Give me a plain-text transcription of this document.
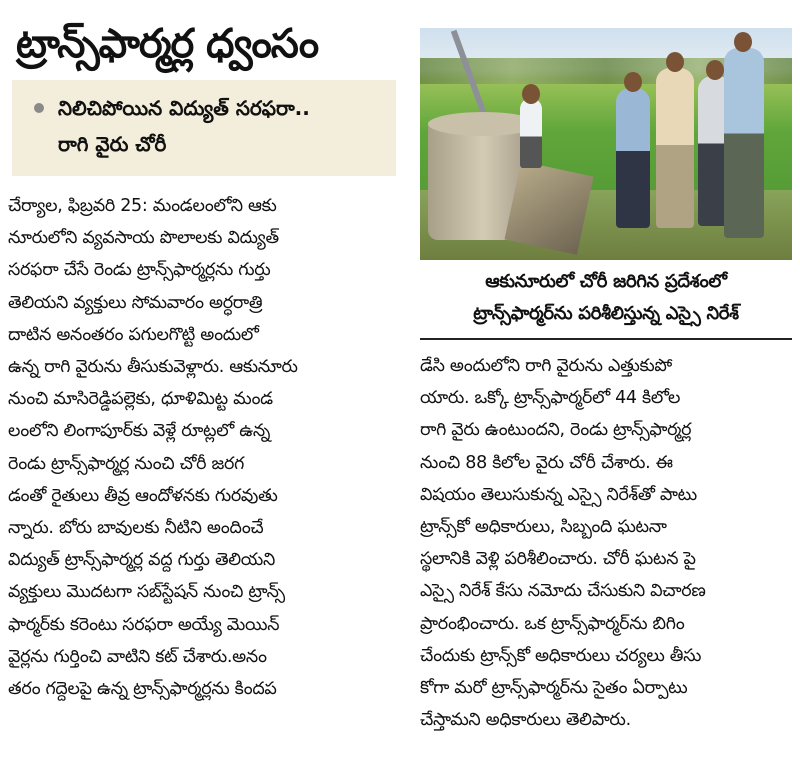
ట్రాన్స్‌ఫార్మర్ల ధ్వంసం
నిలిచిపోయిన విద్యుత్ సరఫరా..
రాగి వైరు చోరీ
చేర్యాల, ఫిబ్రవరి 25: మండలంలోని ఆకు
నూరులోని వ్యవసాయ పొలాలకు విద్యుత్
సరఫరా చేసే రెండు ట్రాన్స్‌ఫార్మర్లను గుర్తు
తెలియని వ్యక్తులు సోమవారం అర్ధరాత్రి
దాటిన అనంతరం పగులగొట్టి అందులో
ఉన్న రాగి వైరును తీసుకువెళ్లారు. ఆకునూరు
నుంచి మాసిరెడ్డిపల్లెకు, ధూళిమిట్ట మండ
లంలోని లింగాపూర్‌కు వెళ్లే రూట్లలో ఉన్న
రెండు ట్రాన్స్‌ఫార్మర్ల నుంచి చోరీ జరగ
డంతో రైతులు తీవ్ర ఆందోళనకు గురవుతు
న్నారు. బోరు బావులకు నీటిని అందించే
విద్యుత్ ట్రాన్స్‌ఫార్మర్ల వద్ద గుర్తు తెలియని
వ్యక్తులు మొదటగా సబ్‌స్టేషన్ నుంచి ట్రాన్స్
ఫార్మర్‌కు కరెంటు సరఫరా అయ్యే మెయిన్
వైర్లను గుర్తించి వాటిని కట్ చేశారు.అనం
తరం గద్దెలపై ఉన్న ట్రాన్స్‌ఫార్మర్లను కిందప
ఆకునూరులో చోరీ జరిగిన ప్రదేశంలో
ట్రాన్స్‌ఫార్మర్‌ను పరిశీలిస్తున్న ఎస్సై నిరేశ్
డేసి అందులోని రాగి వైరును ఎత్తుకుపో
యారు. ఒక్కో ట్రాన్స్‌ఫార్మర్‌లో 44 కిలోల
రాగి వైరు ఉంటుందని, రెండు ట్రాన్స్‌ఫార్మర్ల
నుంచి 88 కిలోల వైరు చోరీ చేశారు. ఈ
విషయం తెలుసుకున్న ఎస్సై నిరేశ్‌తో పాటు
ట్రాన్స్‌కో అధికారులు, సిబ్బంది ఘటనా
స్థలానికి వెళ్లి పరిశీలించారు. చోరీ ఘటన పై
ఎస్సై నిరేశ్ కేసు నమోదు చేసుకుని విచారణ
ప్రారంభించారు. ఒక ట్రాన్స్‌ఫార్మర్‌ను బిగిం
చేందుకు ట్రాన్స్‌కో అధికారులు చర్యలు తీసు
కోగా మరో ట్రాన్స్‌ఫార్మర్‌ను సైతం ఏర్పాటు
చేస్తామని అధికారులు తెలిపారు.
